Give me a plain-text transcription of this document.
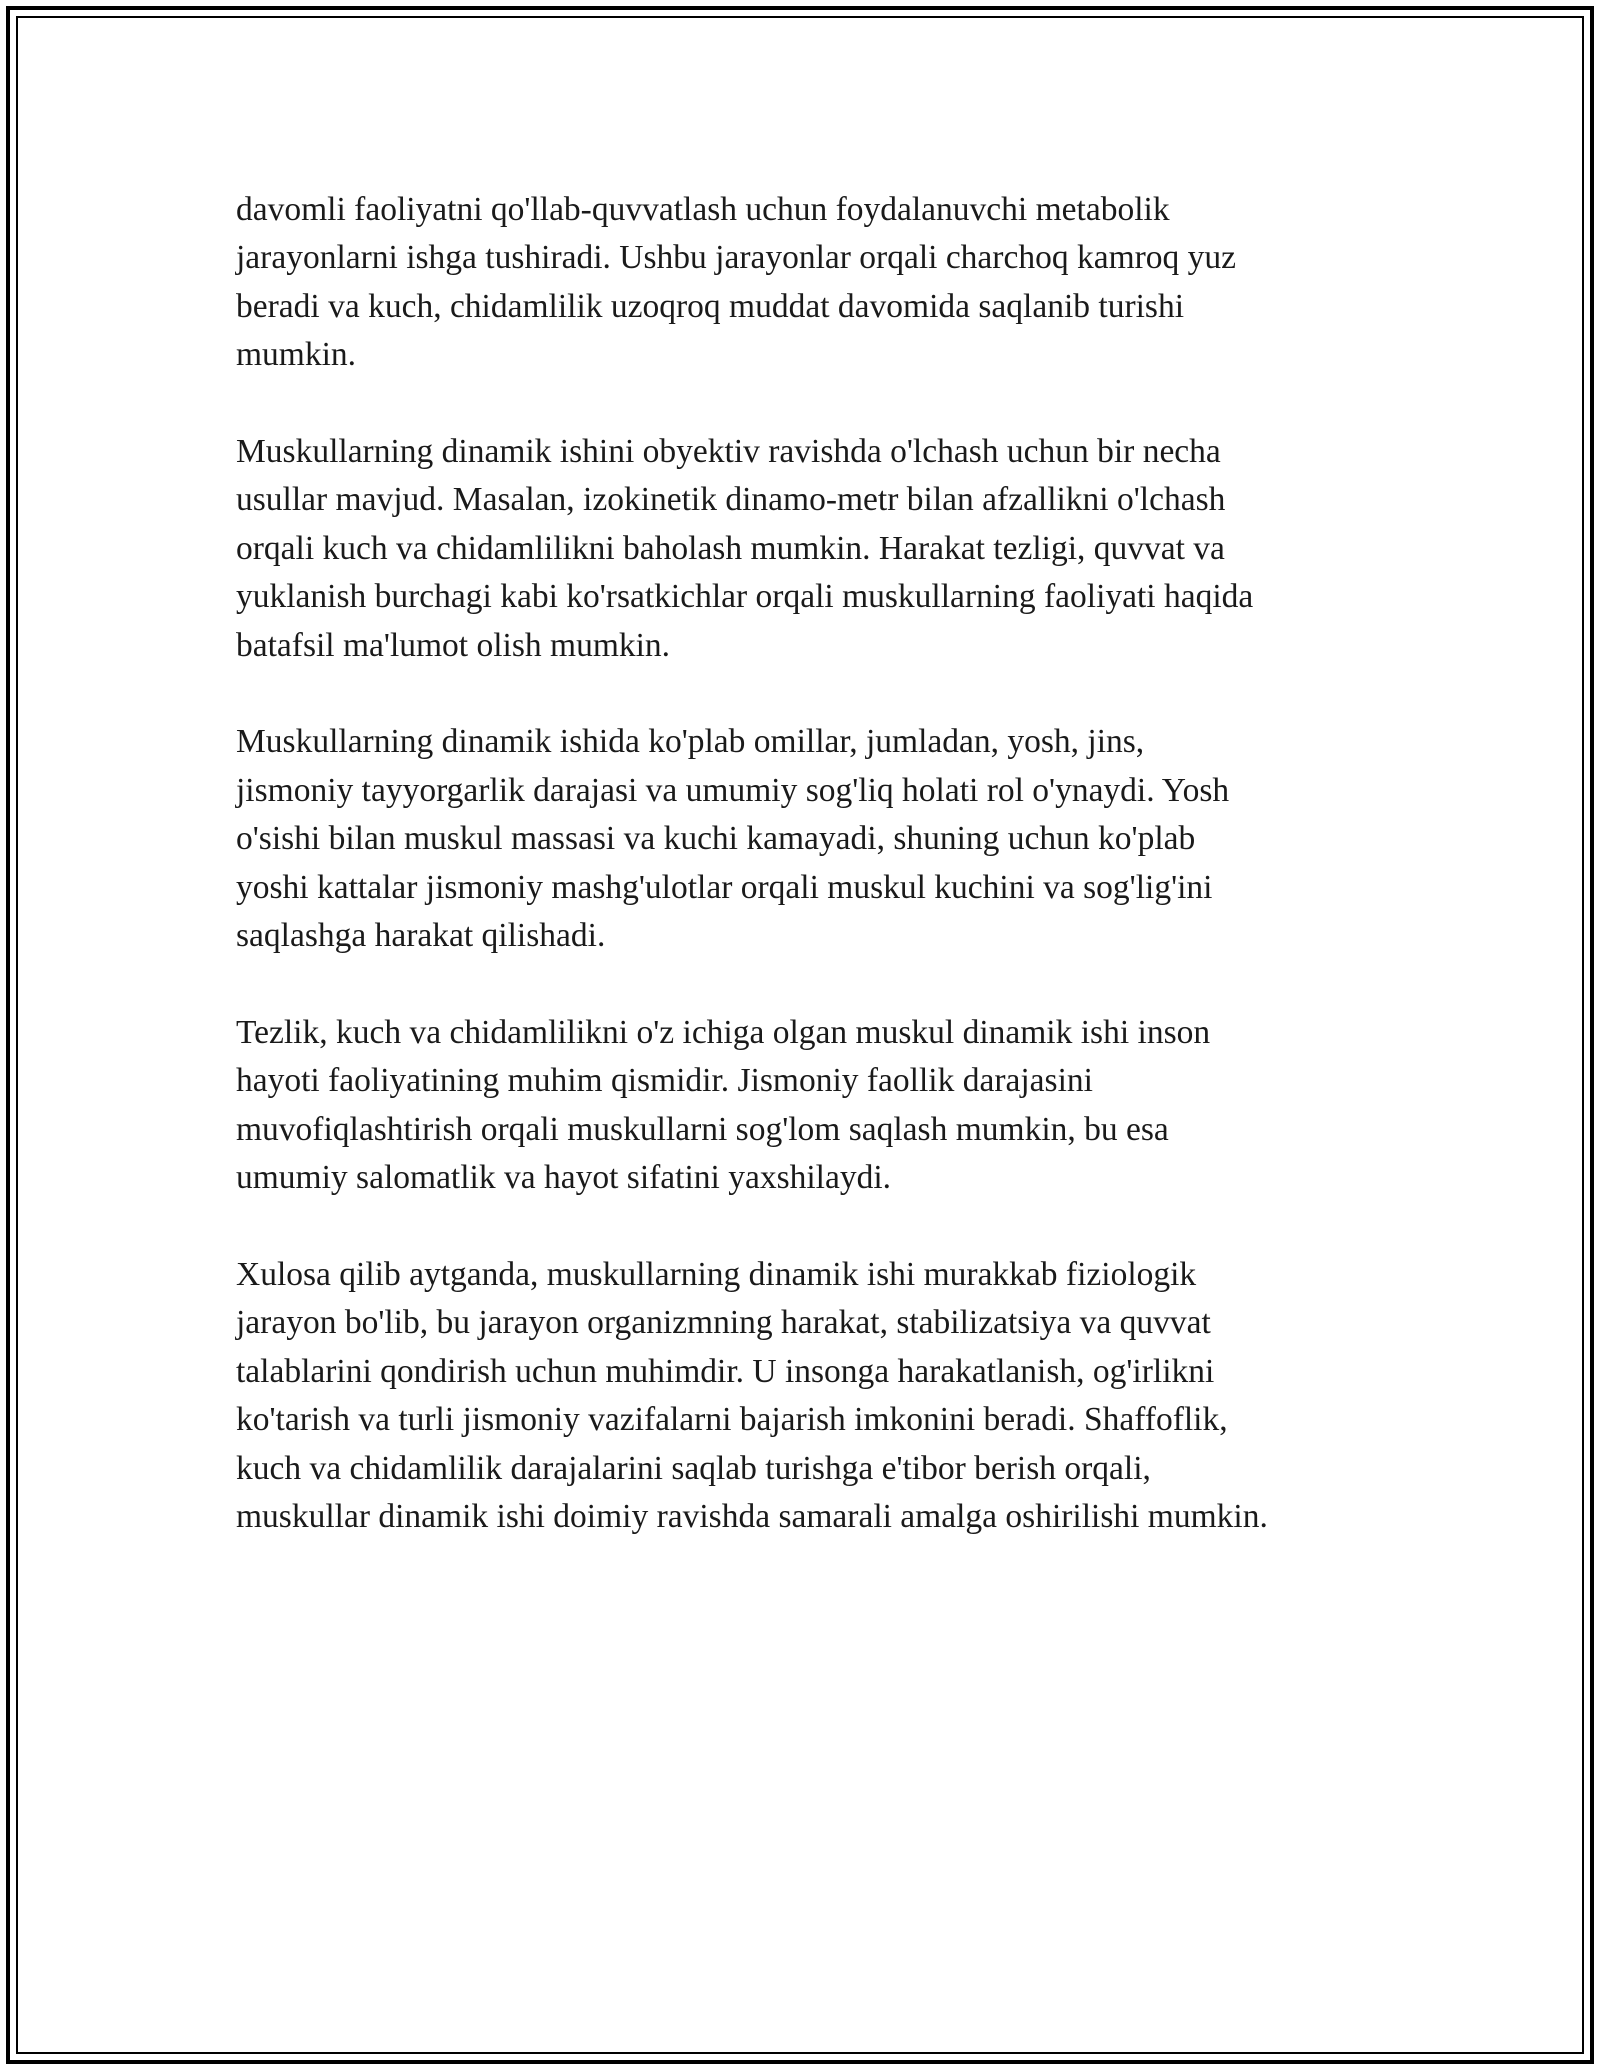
davomli faoliyatni qo'llab-quvvatlash uchun foydalanuvchi metabolik
jarayonlarni ishga tushiradi. Ushbu jarayonlar orqali charchoq kamroq yuz
beradi va kuch, chidamlilik uzoqroq muddat davomida saqlanib turishi
mumkin.

Muskullarning dinamik ishini obyektiv ravishda o'lchash uchun bir necha
usullar mavjud. Masalan, izokinetik dinamo-metr bilan afzallikni o'lchash
orqali kuch va chidamlilikni baholash mumkin. Harakat tezligi, quvvat va
yuklanish burchagi kabi ko'rsatkichlar orqali muskullarning faoliyati haqida
batafsil ma'lumot olish mumkin.

Muskullarning dinamik ishida ko'plab omillar, jumladan, yosh, jins,
jismoniy tayyorgarlik darajasi va umumiy sog'liq holati rol o'ynaydi. Yosh
o'sishi bilan muskul massasi va kuchi kamayadi, shuning uchun ko'plab
yoshi kattalar jismoniy mashg'ulotlar orqali muskul kuchini va sog'lig'ini
saqlashga harakat qilishadi.

Tezlik, kuch va chidamlilikni o'z ichiga olgan muskul dinamik ishi inson
hayoti faoliyatining muhim qismidir. Jismoniy faollik darajasini
muvofiqlashtirish orqali muskullarni sog'lom saqlash mumkin, bu esa
umumiy salomatlik va hayot sifatini yaxshilaydi.

Xulosa qilib aytganda, muskullarning dinamik ishi murakkab fiziologik
jarayon bo'lib, bu jarayon organizmning harakat, stabilizatsiya va quvvat
talablarini qondirish uchun muhimdir. U insonga harakatlanish, og'irlikni
ko'tarish va turli jismoniy vazifalarni bajarish imkonini beradi. Shaffoflik,
kuch va chidamlilik darajalarini saqlab turishga e'tibor berish orqali,
muskullar dinamik ishi doimiy ravishda samarali amalga oshirilishi mumkin.
